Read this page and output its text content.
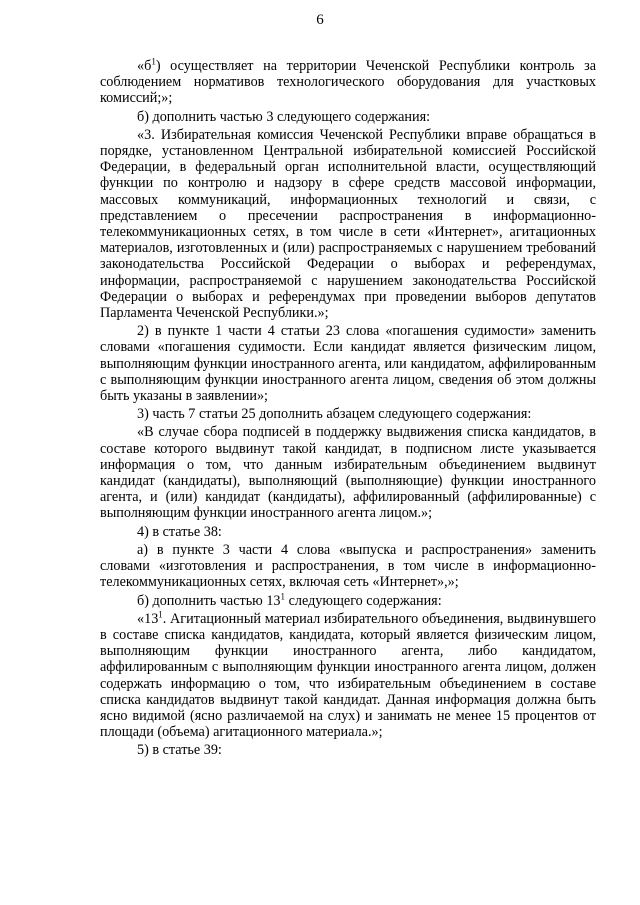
6

«$б^1$) осуществляет на территории Чеченской Республики контроль за соблюдением нормативов технологического оборудования для участковых комиссий;»;

б) дополнить частью 3 следующего содержания:

«3. Избирательная комиссия Чеченской Республики вправе обращаться в порядке, установленном Центральной избирательной комиссией Российской Федерации, в федеральный орган исполнительной власти, осуществляющий функции по контролю и надзору в сфере средств массовой информации, массовых коммуникаций, информационных технологий и связи, с представлением о пресечении распространения в информационно-телекоммуникационных сетях, в том числе в сети «Интернет», агитационных материалов, изготовленных и (или) распространяемых с нарушением требований законодательства Российской Федерации о выборах и референдумах, информации, распространяемой с нарушением законодательства Российской Федерации о выборах и референдумах при проведении выборов депутатов Парламента Чеченской Республики.»;

2) в пункте 1 части 4 статьи 23 слова «погашения судимости» заменить словами «погашения судимости. Если кандидат является физическим лицом, выполняющим функции иностранного агента, или кандидатом, аффилированным с выполняющим функции иностранного агента лицом, сведения об этом должны быть указаны в заявлении»;

3) часть 7 статьи 25 дополнить абзацем следующего содержания:

«В случае сбора подписей в поддержку выдвижения списка кандидатов, в составе которого выдвинут такой кандидат, в подписном листе указывается информация о том, что данным избирательным объединением выдвинут кандидат (кандидаты), выполняющий (выполняющие) функции иностранного агента, и (или) кандидат (кандидаты), аффилированный (аффилированные) с выполняющим функции иностранного агента лицом.»;

4) в статье 38:

а) в пункте 3 части 4 слова «выпуска и распространения» заменить словами «изготовления и распространения, в том числе в информационно-телекоммуникационных сетях, включая сеть «Интернет»,»;

б) дополнить частью $13^1$ следующего содержания:

«$13^1$. Агитационный материал избирательного объединения, выдвинувшего в составе списка кандидатов, кандидата, который является физическим лицом, выполняющим функции иностранного агента, либо кандидатом, аффилированным с выполняющим функции иностранного агента лицом, должен содержать информацию о том, что избирательным объединением в составе списка кандидатов выдвинут такой кандидат. Данная информация должна быть ясно видимой (ясно различаемой на слух) и занимать не менее 15 процентов от площади (объема) агитационного материала.»;

5) в статье 39:
